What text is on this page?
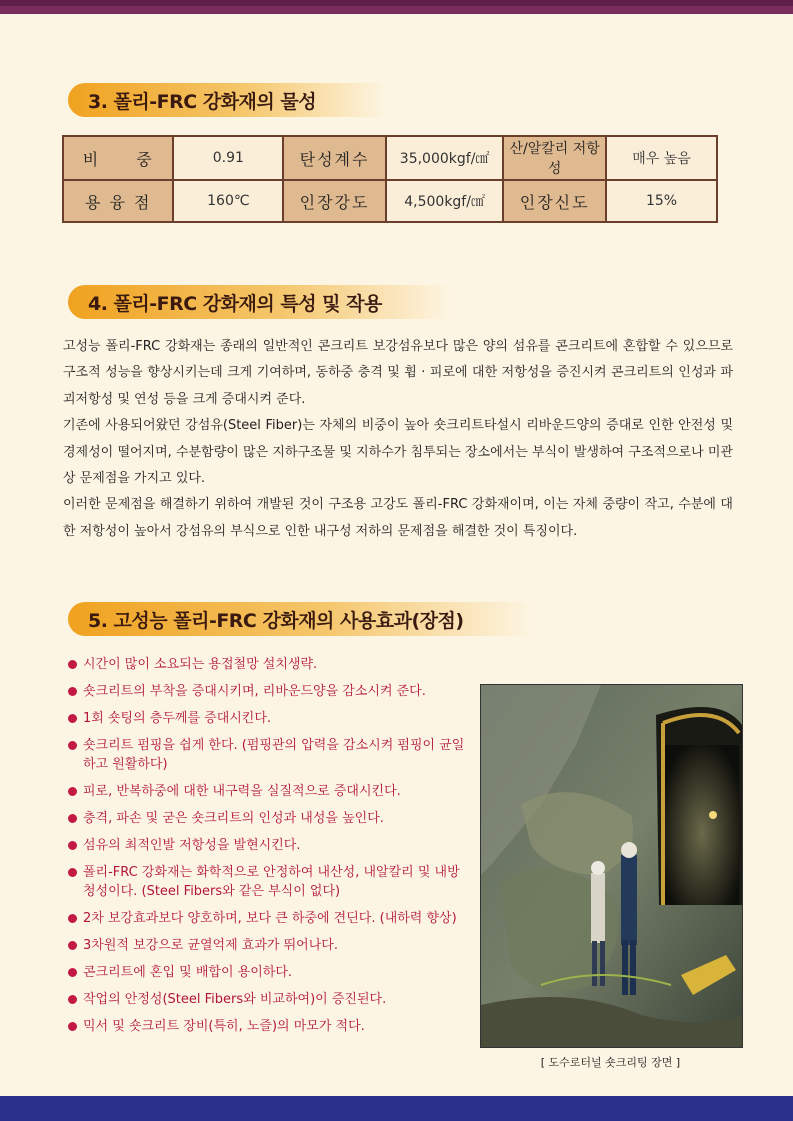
3. 폴리-FRC 강화재의 물성
비　　중	0.91	탄성계수	35,000kgf/㎠	산/알칼리 저항성	매우 높음
용 융 점	160℃	인장강도	4,500kgf/㎠	인장신도	15%
4. 폴리-FRC 강화재의 특성 및 작용

고성능 폴리-FRC 강화재는 종래의 일반적인 콘크리트 보강섬유보다 많은 양의 섬유를 콘크리트에 혼합할 수 있으므로 구조적 성능을 향상시키는데 크게 기여하며, 동하중 충격 및 휨 · 피로에 대한 저항성을 증진시켜 콘크리트의 인성과 파괴저항성 및 연성 등을 크게 증대시켜 준다.

기존에 사용되어왔던 강섬유(Steel Fiber)는 자체의 비중이 높아 숏크리트타설시 리바운드양의 증대로 인한 안전성 및 경제성이 떨어지며, 수분함량이 많은 지하구조물 및 지하수가 침투되는 장소에서는 부식이 발생하여 구조적으로나 미관상 문제점을 가지고 있다.

이러한 문제점을 해결하기 위하여 개발된 것이 구조용 고강도 폴리-FRC 강화재이며, 이는 자체 중량이 작고, 수분에 대한 저항성이 높아서 강섬유의 부식으로 인한 내구성 저하의 문제점을 해결한 것이 특징이다.

5. 고성능 폴리-FRC 강화재의 사용효과(장점)
시간이 많이 소요되는 용접철망 설치생략.
숏크리트의 부착을 증대시키며, 리바운드양을 감소시켜 준다.
1회 숏팅의 층두께를 증대시킨다.
숏크리트 펌핑을 쉽게 한다. (펌핑관의 압력을 감소시켜 펌핑이 균일하고 원활하다)
피로, 반복하중에 대한 내구력을 실질적으로 증대시킨다.
충격, 파손 및 굳은 숏크리트의 인성과 내성을 높인다.
섬유의 최적인발 저항성을 발현시킨다.
폴리-FRC 강화재는 화학적으로 안정하여 내산성, 내알칼리 및 내방청성이다. (Steel Fibers와 같은 부식이 없다)
2차 보강효과보다 양호하며, 보다 큰 하중에 견딘다. (내하력 향상)
3차원적 보강으로 균열억제 효과가 뛰어나다.
콘크리트에 혼입 및 배합이 용이하다.
작업의 안정성(Steel Fibers와 비교하여)이 증진된다.
믹서 및 숏크리트 장비(특히, 노즐)의 마모가 적다.
[ 도수로터널 숏크리팅 장면 ]
